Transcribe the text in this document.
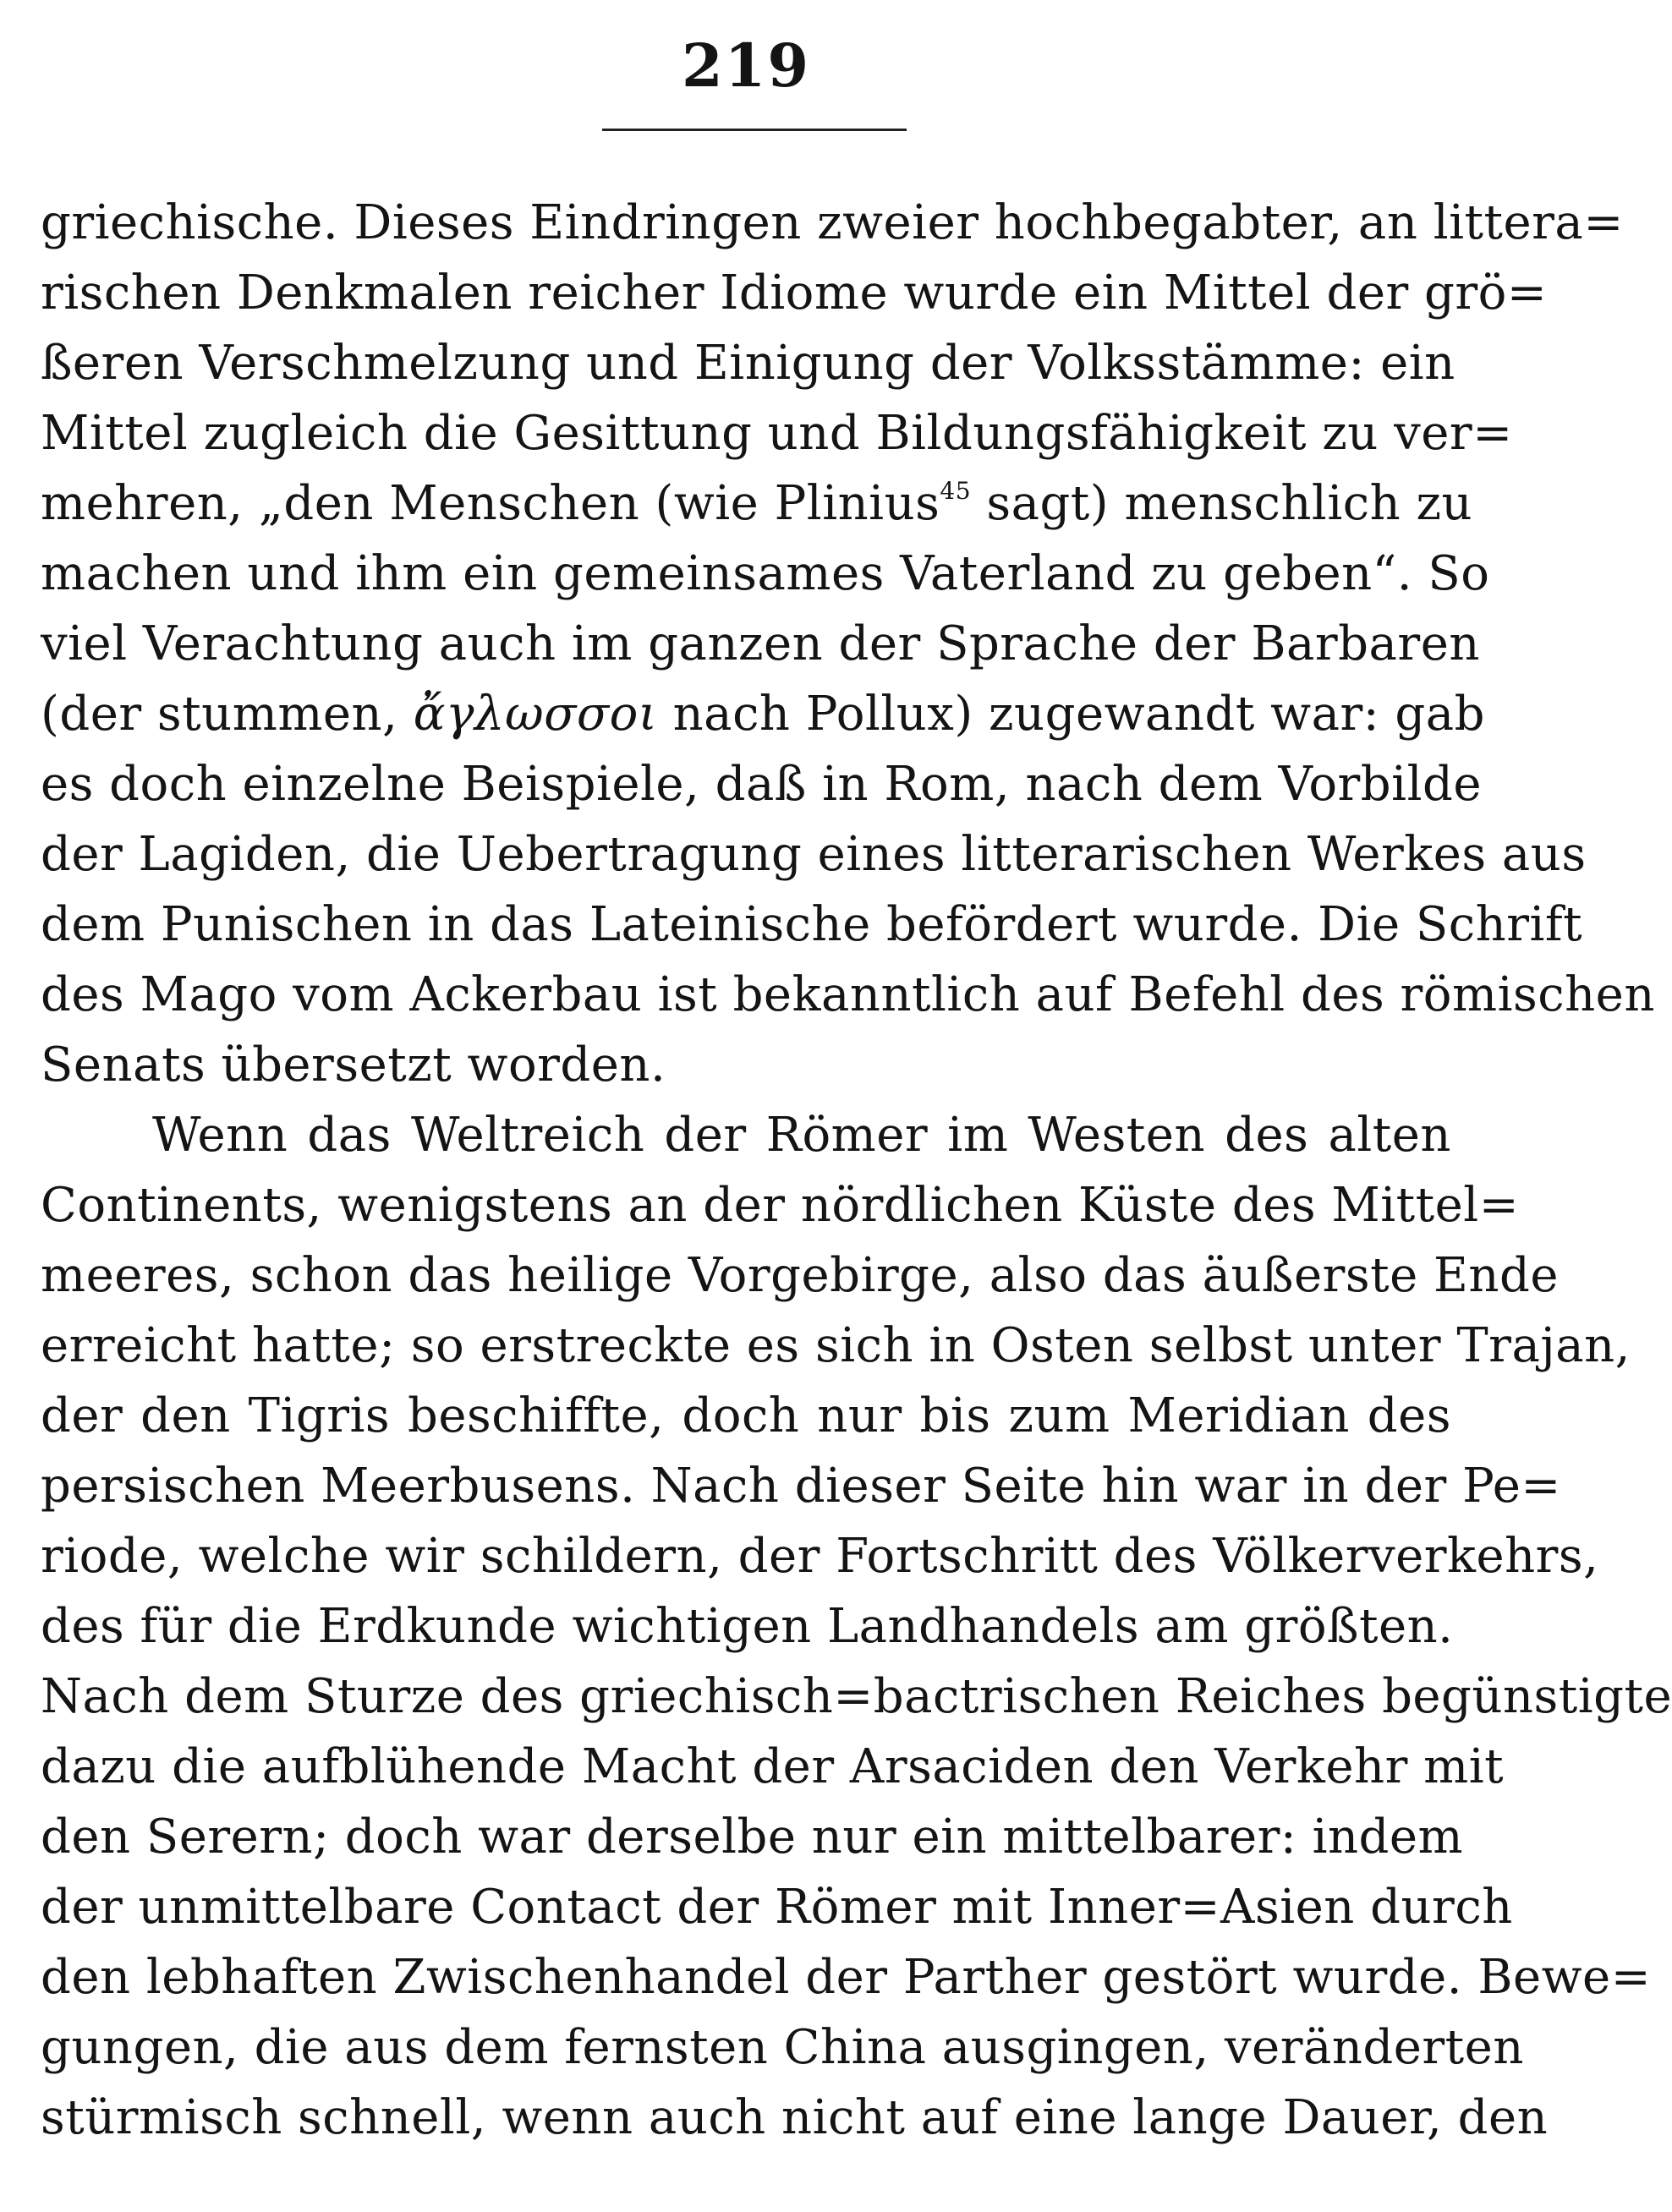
219
griechische. Dieses Eindringen zweier hochbegabter, an littera=
rischen Denkmalen reicher Idiome wurde ein Mittel der grö=
ßeren Verschmelzung und Einigung der Volksstämme: ein
Mittel zugleich die Gesittung und Bildungsfähigkeit zu ver=
mehren, „den Menschen (wie Plinius$^{45}$ sagt) menschlich zu
machen und ihm ein gemeinsames Vaterland zu geben“. So
viel Verachtung auch im ganzen der Sprache der Barbaren
(der stummen, ἄγλωσσοι nach Pollux) zugewandt war: gab
es doch einzelne Beispiele, daß in Rom, nach dem Vorbilde
der Lagiden, die Uebertragung eines litterarischen Werkes aus
dem Punischen in das Lateinische befördert wurde. Die Schrift
des Mago vom Ackerbau ist bekanntlich auf Befehl des römischen
Senats übersetzt worden.
Wenn das Weltreich der Römer im Westen des alten
Continents, wenigstens an der nördlichen Küste des Mittel=
meeres, schon das heilige Vorgebirge, also das äußerste Ende
erreicht hatte; so erstreckte es sich in Osten selbst unter Trajan,
der den Tigris beschiffte, doch nur bis zum Meridian des
persischen Meerbusens. Nach dieser Seite hin war in der Pe=
riode, welche wir schildern, der Fortschritt des Völkerverkehrs,
des für die Erdkunde wichtigen Landhandels am größten.
Nach dem Sturze des griechisch=bactrischen Reiches begünstigte
dazu die aufblühende Macht der Arsaciden den Verkehr mit
den Serern; doch war derselbe nur ein mittelbarer: indem
der unmittelbare Contact der Römer mit Inner=Asien durch
den lebhaften Zwischenhandel der Parther gestört wurde. Bewe=
gungen, die aus dem fernsten China ausgingen, veränderten
stürmisch schnell, wenn auch nicht auf eine lange Dauer, den
